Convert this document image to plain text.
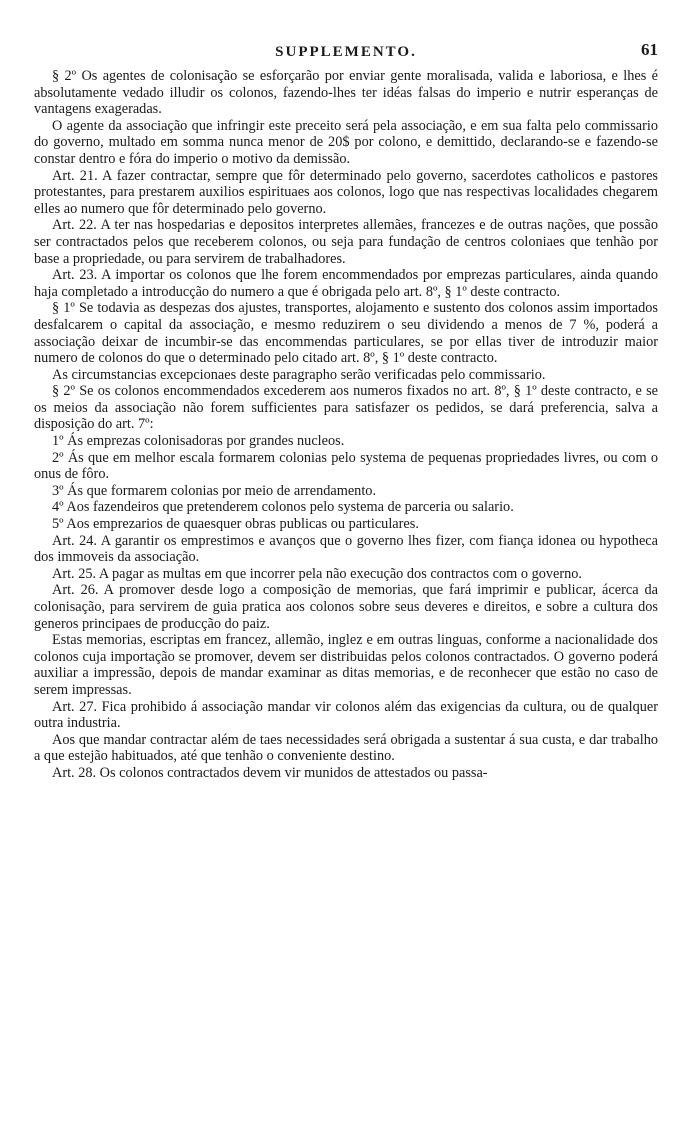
SUPPLEMENTO.	61

§ 2º Os agentes de colonisação se esforçarão por enviar gente moralisada, valida e laboriosa, e lhes é absolutamente vedado illudir os colonos, fazendo-lhes ter idéas falsas do imperio e nutrir esperanças de vantagens exageradas.

O agente da associação que infringir este preceito será pela associação, e em sua falta pelo commissario do governo, multado em somma nunca menor de 20$ por colono, e demittido, declarando-se e fazendo-se constar dentro e fóra do imperio o motivo da demissão.

Art. 21. A fazer contractar, sempre que fôr determinado pelo governo, sacerdotes catholicos e pastores protestantes, para prestarem auxilios espirituaes aos colonos, logo que nas respectivas localidades chegarem elles ao numero que fôr determinado pelo governo.

Art. 22. A ter nas hospedarias e depositos interpretes allemães, francezes e de outras nações, que possão ser contractados pelos que receberem colonos, ou seja para fundação de centros coloniaes que tenhão por base a propriedade, ou para servirem de trabalhadores.

Art. 23. A importar os colonos que lhe forem encommendados por emprezas particulares, ainda quando haja completado a introducção do numero a que é obrigada pelo art. 8º, § 1º deste contracto.

§ 1º Se todavia as despezas dos ajustes, transportes, alojamento e sustento dos colonos assim importados desfalcarem o capital da associação, e mesmo reduzirem o seu dividendo a menos de 7 %, poderá a associação deixar de incumbir-se das encommendas particulares, se por ellas tiver de introduzir maior numero de colonos do que o determinado pelo citado art. 8º, § 1º deste contracto.

As circumstancias excepcionaes deste paragrapho serão verificadas pelo commissario.

§ 2º Se os colonos encommendados excederem aos numeros fixados no art. 8º, § 1º deste contracto, e se os meios da associação não forem sufficientes para satisfazer os pedidos, se dará preferencia, salva a disposição do art. 7º:

1º Ás emprezas colonisadoras por grandes nucleos.

2º Ás que em melhor escala formarem colonias pelo systema de pequenas propriedades livres, ou com o onus de fôro.

3º Ás que formarem colonias por meio de arrendamento.

4º Aos fazendeiros que pretenderem colonos pelo systema de parceria ou salario.

5º Aos emprezarios de quaesquer obras publicas ou particulares.

Art. 24. A garantir os emprestimos e avanços que o governo lhes fizer, com fiança idonea ou hypotheca dos immoveis da associação.

Art. 25. A pagar as multas em que incorrer pela não execução dos contractos com o governo.

Art. 26. A promover desde logo a composição de memorias, que fará imprimir e publicar, ácerca da colonisação, para servirem de guia pratica aos colonos sobre seus deveres e direitos, e sobre a cultura dos generos principaes de producção do paiz.

Estas memorias, escriptas em francez, allemão, inglez e em outras linguas, conforme a nacionalidade dos colonos cuja importação se promover, devem ser distribuidas pelos colonos contractados. O governo poderá auxiliar a impressão, depois de mandar examinar as ditas memorias, e de reconhecer que estão no caso de serem impressas.

Art. 27. Fica prohibido á associação mandar vir colonos além das exigencias da cultura, ou de qualquer outra industria.

Aos que mandar contractar além de taes necessidades será obrigada a sustentar á sua custa, e dar trabalho a que estejão habituados, até que tenhão o conveniente destino.

Art. 28. Os colonos contractados devem vir munidos de attestados ou passa-
